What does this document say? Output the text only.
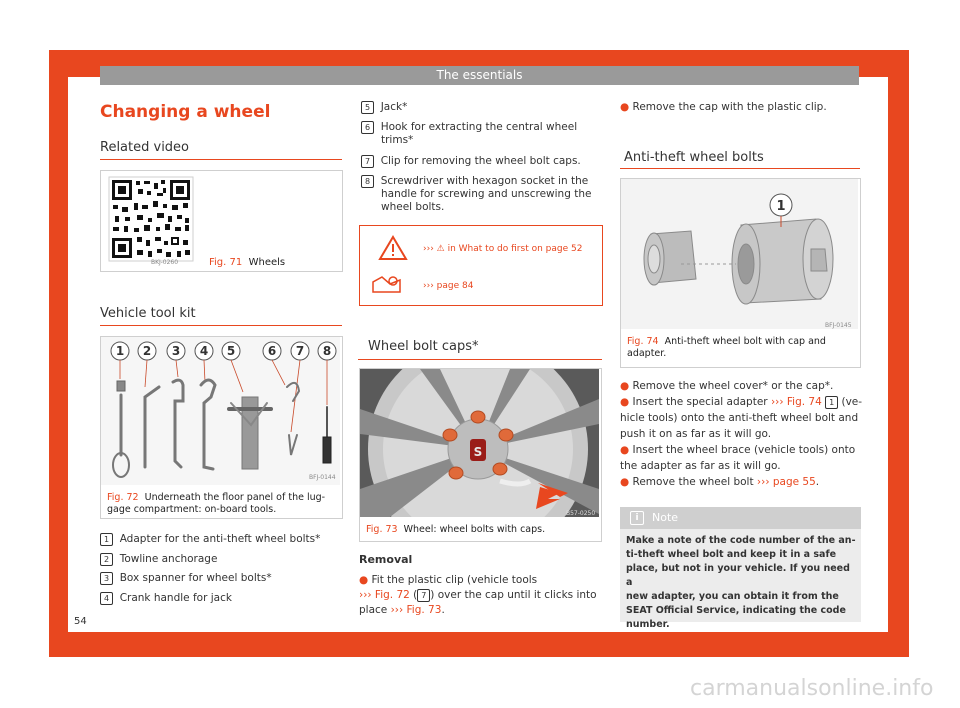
The essentials
Changing a wheel
Related video
BKJ-0260	Fig. 71 Wheels
Vehicle tool kit
1 2 3 4 5	6 7 8
BFJ-0144
Fig. 72 Underneath the floor panel of the lug-
gage compartment: on-board tools.
1 Adapter for the anti-theft wheel bolts*
2 Towline anchorage
3 Box spanner for wheel bolts*
4 Crank handle for jack
54
5 Jack*
6 Hook for extracting the central wheel
trims*
7 Clip for removing the wheel bolt caps.
8 Screwdriver with hexagon socket in the
handle for screwing and unscrewing the
wheel bolts.
››› ⚠ in What to do first on page 52
››› page 84
Wheel bolt caps*
S
B57-0250
Fig. 73 Wheel: wheel bolts with caps.
Removal
● Fit the plastic clip (vehicle tools
››› Fig. 72 ( 7 ) over the cap until it clicks into
place ››› Fig. 73.
● Remove the cap with the plastic clip.
Anti-theft wheel bolts
1
BFJ-0145
Fig. 74 Anti-theft wheel bolt with cap and
adapter.
● Remove the wheel cover* or the cap*.
● Insert the special adapter ››› Fig. 74 1 (ve-
hicle tools) onto the anti-theft wheel bolt and
push it on as far as it will go.
● Insert the wheel brace (vehicle tools) onto
the adapter as far as it will go.
● Remove the wheel bolt ››› page 55.
i	Note
Make a note of the code number of the an-
ti-theft wheel bolt and keep it in a safe
place, but not in your vehicle. If you need a
new adapter, you can obtain it from the
SEAT Official Service, indicating the code
number.
carmanualsonline.info
